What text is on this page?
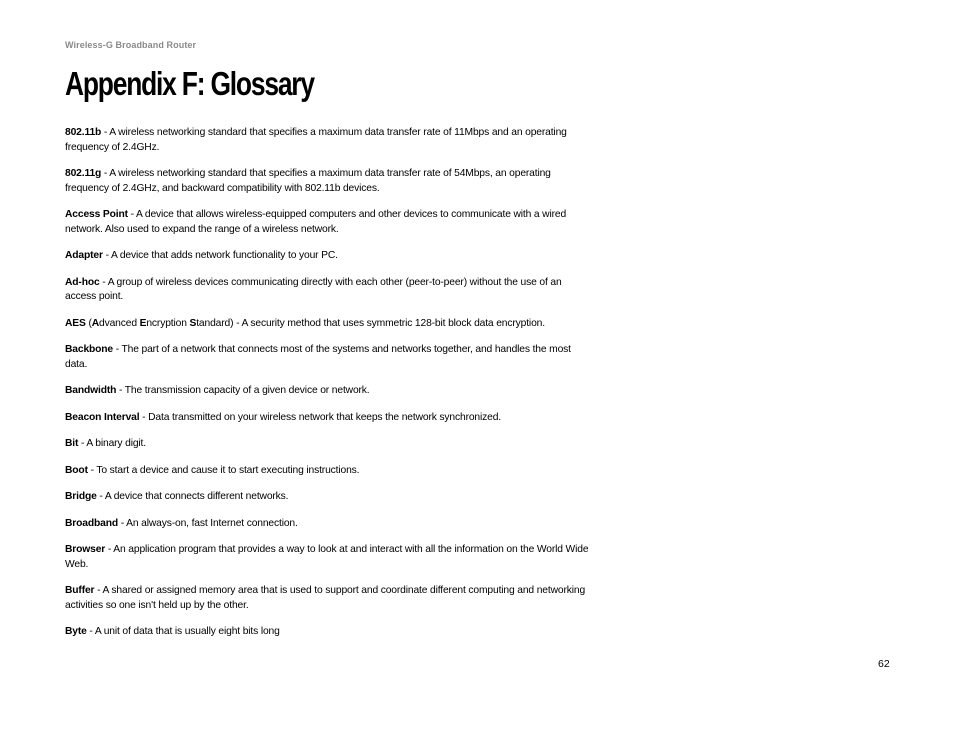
Wireless-G Broadband Router
Appendix F: Glossary

802.11b - A wireless networking standard that specifies a maximum data transfer rate of 11Mbps and an operating frequency of 2.4GHz.

802.11g - A wireless networking standard that specifies a maximum data transfer rate of 54Mbps, an operating frequency of 2.4GHz, and backward compatibility with 802.11b devices.

Access Point - A device that allows wireless-equipped computers and other devices to communicate with a wired network. Also used to expand the range of a wireless network.

Adapter - A device that adds network functionality to your PC.

Ad-hoc - A group of wireless devices communicating directly with each other (peer-to-peer) without the use of an access point.

AES (Advanced Encryption Standard) - A security method that uses symmetric 128-bit block data encryption.

Backbone - The part of a network that connects most of the systems and networks together, and handles the most data.

Bandwidth - The transmission capacity of a given device or network.

Beacon Interval - Data transmitted on your wireless network that keeps the network synchronized.

Bit - A binary digit.

Boot - To start a device and cause it to start executing instructions.

Bridge - A device that connects different networks.

Broadband - An always-on, fast Internet connection.

Browser - An application program that provides a way to look at and interact with all the information on the World Wide Web.

Buffer - A shared or assigned memory area that is used to support and coordinate different computing and networking activities so one isn't held up by the other.

Byte - A unit of data that is usually eight bits long

62
